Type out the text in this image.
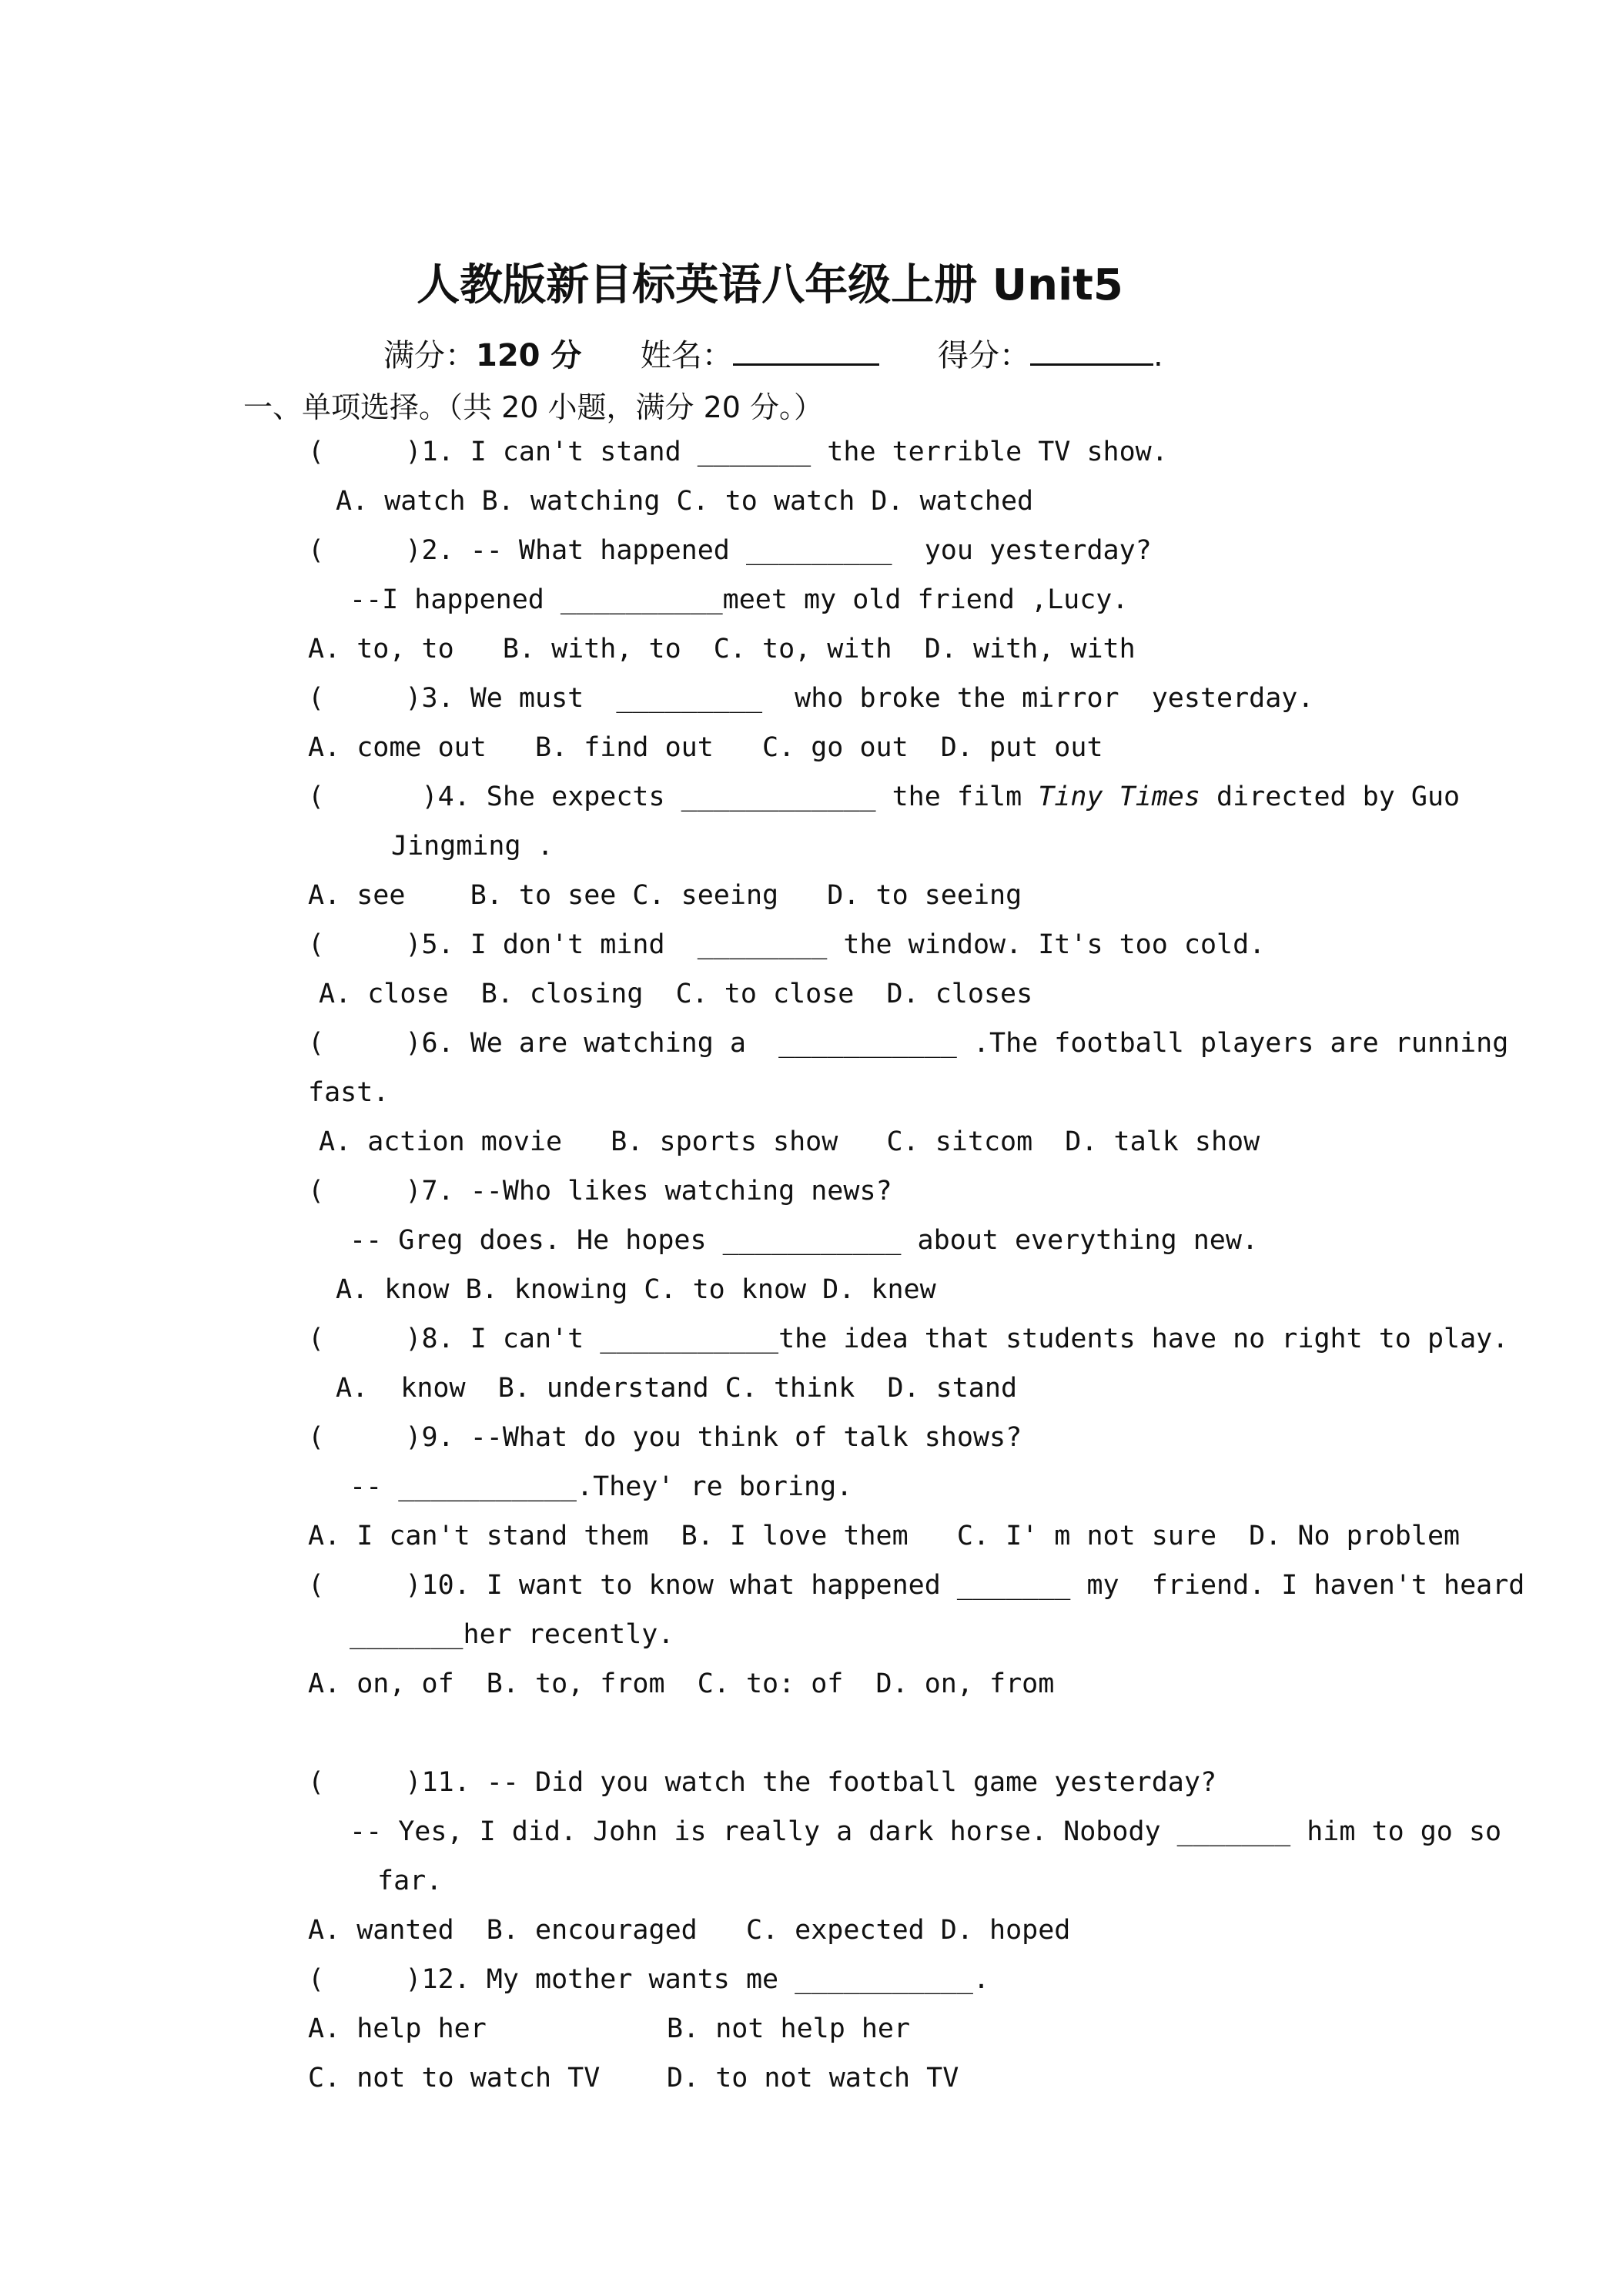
人教版新目标英语八年级上册 Unit5
满分：120 分 姓名：	得分：	.
一、单项选择。（共 20 小题，满分 20 分。）
(     )1. I can't stand _______ the terrible TV show.
A. watch B. watching C. to watch D. watched
(     )2. -- What happened _________  you yesterday?
--I happened __________meet my old friend ,Lucy.
A. to, to   B. with, to  C. to, with  D. with, with
(     )3. We must  _________  who broke the mirror  yesterday.
A. come out   B. find out   C. go out  D. put out
(      )4. She expects ____________ the film Tiny Times directed by Guo
Jingming .
A. see    B. to see C. seeing   D. to seeing
(     )5. I don't mind  ________ the window. It's too cold.
A. close  B. closing  C. to close  D. closes
(     )6. We are watching a  ___________ .The football players are running
fast.
A. action movie   B. sports show   C. sitcom  D. talk show
(     )7. --Who likes watching news?
-- Greg does. He hopes ___________ about everything new.
A. know B. knowing C. to know D. knew
(     )8. I can't ___________the idea that students have no right to play.
A.  know  B. understand C. think  D. stand
(     )9. --What do you think of talk shows?
-- ___________.They' re boring.
A. I can't stand them  B. I love them   C. I' m not sure  D. No problem
(     )10. I want to know what happened _______ my  friend. I haven't heard
_______her recently.
A. on, of  B. to, from  C. to: of  D. on, from
(     )11. -- Did you watch the football game yesterday?
-- Yes, I did. John is really a dark horse. Nobody _______ him to go so
far.
A. wanted  B. encouraged   C. expected D. hoped
(     )12. My mother wants me ___________.
A. help her	B. not help her
C. not to watch TV D. to not watch TV
